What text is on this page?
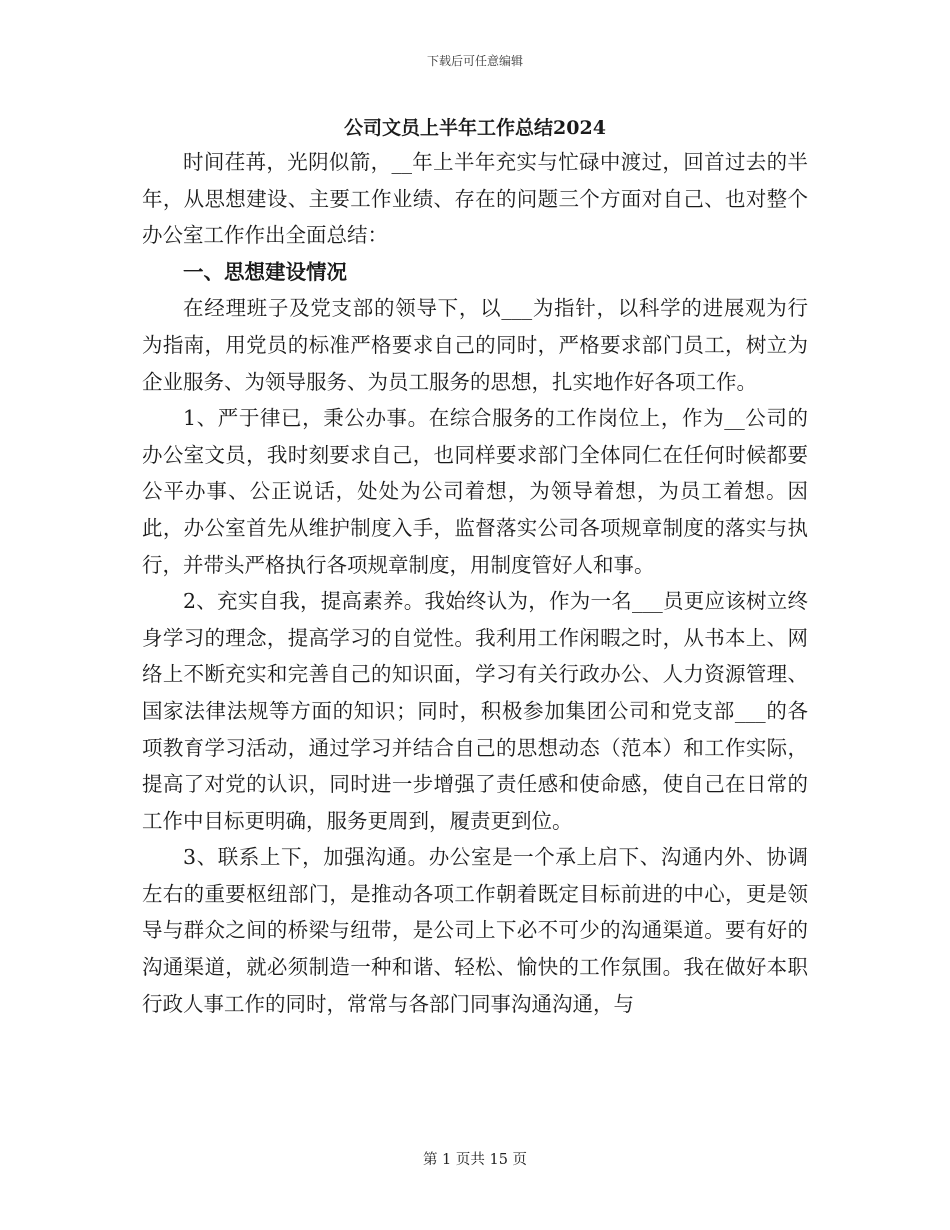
下载后可任意编辑
公司文员上半年工作总结2024

时间荏苒，光阴似箭，__年上半年充实与忙碌中渡过，回首过去的半年，从思想建设、主要工作业绩、存在的问题三个方面对自己、也对整个办公室工作作出全面总结：

一、思想建设情况

在经理班子及党支部的领导下，以___为指针，以科学的进展观为行为指南，用党员的标准严格要求自己的同时，严格要求部门员工，树立为企业服务、为领导服务、为员工服务的思想，扎实地作好各项工作。

1、严于律已，秉公办事。在综合服务的工作岗位上，作为__公司的办公室文员，我时刻要求自己，也同样要求部门全体同仁在任何时候都要公平办事、公正说话，处处为公司着想，为领导着想，为员工着想。因此，办公室首先从维护制度入手，监督落实公司各项规章制度的落实与执行，并带头严格执行各项规章制度，用制度管好人和事。

2、充实自我，提高素养。我始终认为，作为一名___员更应该树立终身学习的理念，提高学习的自觉性。我利用工作闲暇之时，从书本上、网络上不断充实和完善自己的知识面，学习有关行政办公、人力资源管理、国家法律法规等方面的知识；同时，积极参加集团公司和党支部___的各项教育学习活动，通过学习并结合自己的思想动态（范本）和工作实际，提高了对党的认识，同时进一步增强了责任感和使命感，使自己在日常的工作中目标更明确，服务更周到，履责更到位。

3、联系上下，加强沟通。办公室是一个承上启下、沟通内外、协调左右的重要枢纽部门，是推动各项工作朝着既定目标前进的中心，更是领导与群众之间的桥梁与纽带，是公司上下必不可少的沟通渠道。要有好的沟通渠道，就必须制造一种和谐、轻松、愉快的工作氛围。我在做好本职行政人事工作的同时，常常与各部门同事沟通沟通，与

第 1 页共 15 页
